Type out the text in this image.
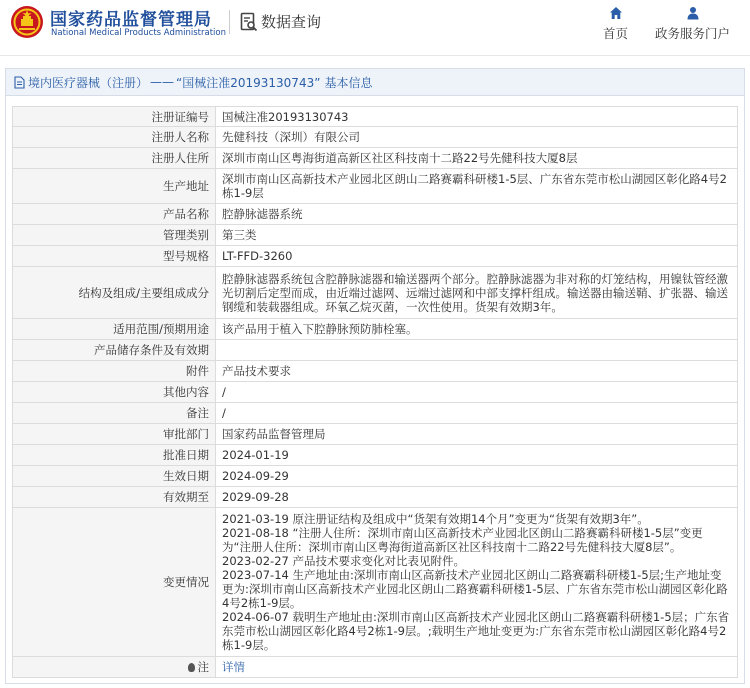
国家药品监督管理局
National Medical Products Administration
数据查询
首页 政务服务门户
境内医疗器械（注册） —— “国械注准20193130743” 基本信息
注册证编号	国械注准20193130743
注册人名称	先健科技（深圳）有限公司
注册人住所	深圳市南山区粤海街道高新区社区科技南十二路22号先健科技大厦8层
生产地址	深圳市南山区高新技术产业园北区朗山二路赛霸科研楼1-5层、广东省东莞市松山湖园区彰化路4号2栋1-9层
产品名称	腔静脉滤器系统
管理类别	第三类
型号规格	LT-FFD-3260
结构及组成/主要组成成分	腔静脉滤器系统包含腔静脉滤器和输送器两个部分。腔静脉滤器为非对称的灯笼结构，用镍钛管经激光切割后定型而成，由近端过滤网、远端过滤网和中部支撑杆组成。输送器由输送鞘、扩张器、输送钢缆和装载器组成。环氧乙烷灭菌，一次性使用。货架有效期3年。
适用范围/预期用途	该产品用于植入下腔静脉预防肺栓塞。
产品储存条件及有效期	
附件	产品技术要求
其他内容	/
备注	/
审批部门	国家药品监督管理局
批准日期	2024-01-19
生效日期	2024-09-29
有效期至	2029-09-28
变更情况	2021-03-19 原注册证结构及组成中“货架有效期14个月”变更为“货架有效期3年”。
2021-08-18 “注册人住所：深圳市南山区高新技术产业园北区朗山二路赛霸科研楼1-5层”变更为“注册人住所：深圳市南山区粤海街道高新区社区科技南十二路22号先健科技大厦8层”。
2023-02-27 产品技术要求变化对比表见附件。
2023-07-14 生产地址由:深圳市南山区高新技术产业园北区朗山二路赛霸科研楼1-5层;生产地址变更为:深圳市南山区高新技术产业园北区朗山二路赛霸科研楼1-5层、广东省东莞市松山湖园区彰化路4号2栋1-9层。
2024-06-07 载明生产地址由:深圳市南山区高新技术产业园北区朗山二路赛霸科研楼1-5层；广东省东莞市松山湖园区彰化路4号2栋1-9层。;载明生产地址变更为:广东省东莞市松山湖园区彰化路4号2栋1-9层。

注	详情
